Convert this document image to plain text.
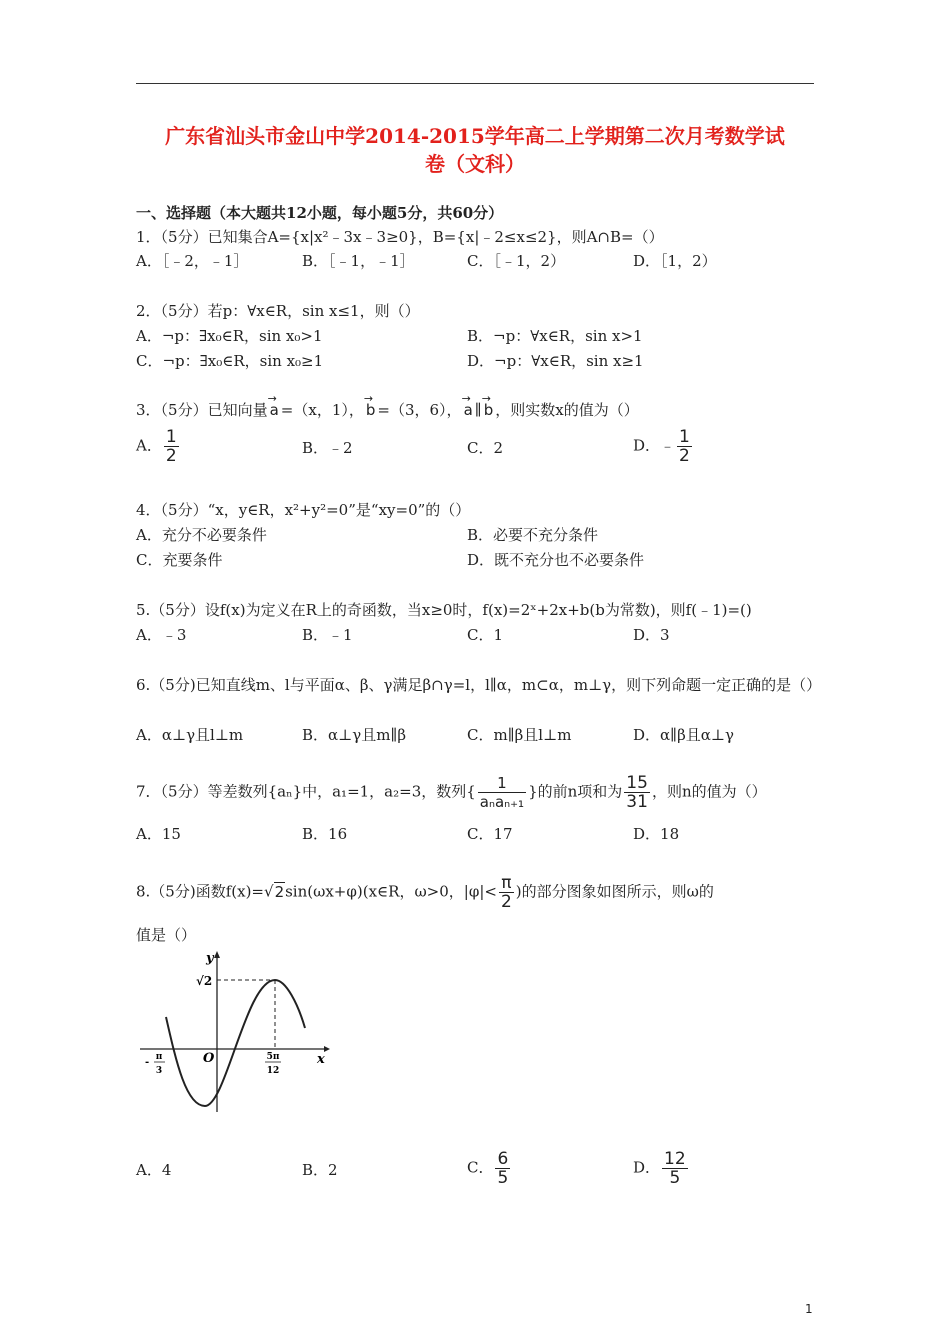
广东省汕头市金山中学2014-2015学年高二上学期第二次月考数学试
卷（文科）
一、选择题（本大题共12小题，每小题5分，共60分）
1．（5分）已知集合A={x|x²﹣3x﹣3≥0}，B={x|﹣2≤x≤2}，则A∩B=（）
A．［﹣2，﹣1］	B．［﹣1，﹣1］	C．［﹣1，2）	D．［1，2）
2．（5分）若p：∀x∈R，sin x≤1，则（）
A．¬p：∃x₀∈R，sin x₀>1	B．¬p：∀x∈R，sin x>1
C．¬p：∃x₀∈R，sin x₀≥1	D．¬p：∀x∈R，sin x≥1
3．（5分）已知向量
→
a =（x，1），
→
b =（3，6），
→
a ∥
→
b ，则实数x的值为（）
A． $\frac{1}{2}$	B．﹣2	C．2	D．﹣ $\frac{1}{2}$
4．（5分）“x，y∈R，x²+y²=0”是“xy=0”的（）
A．充分不必要条件	B．必要不充分条件
C．充要条件	D．既不充分也不必要条件
5.（5分）设f(x)为定义在R上的奇函数，当x≥0时，f(x)=2ˣ+2x+b(b为常数)，则f(﹣1)=()
A．﹣3	B．﹣1	C．1	D．3
6.（5分)已知直线m、l与平面α、β、γ满足β∩γ=l，l∥α，m⊂α，m⊥γ，则下列命题一定正确的是（）
A．α⊥γ且l⊥m	B．α⊥γ且m∥β	C．m∥β且l⊥m	D．α∥β且α⊥γ
7．（5分）等差数列{aₙ}中，a₁=1，a₂=3，数列{ $\frac{1}{\text{aₙaₙ₊₁}}$ }的前n项和为 $\frac{15}{31}$ ，则n的值为（）
A．15	B．16	C．17	D．18
8.（5分)函数f(x)=√2sin(ωx+φ)(x∈R，ω>0，$|\varphi|< \frac{\pi}{2}$ )的部分图象如图所示，则ω的
值是（）
y
x
O
√2
- π
3
5π
12
A．4	B．2	C． $\frac{6}{5}$	D． $\frac{12}{5}$
1
